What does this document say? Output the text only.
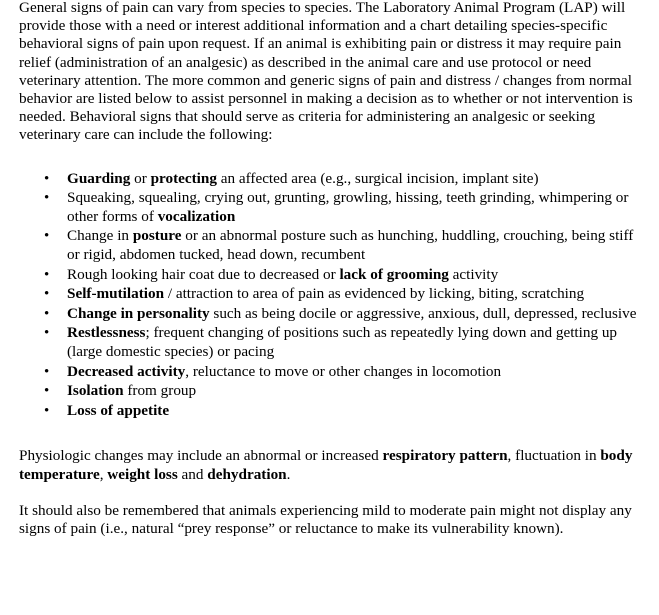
General signs of pain can vary from species to species. The Laboratory Animal Program (LAP) will provide those with a need or interest additional information and a chart detailing species-specific behavioral signs of pain upon request. If an animal is exhibiting pain or distress it may require pain relief (administration of an analgesic) as described in the animal care and use protocol or need veterinary attention. The more common and generic signs of pain and distress / changes from normal behavior are listed below to assist personnel in making a decision as to whether or not intervention is needed. Behavioral signs that should serve as criteria for administering an analgesic or seeking veterinary care can include the following:

• Guarding or protecting an affected area (e.g., surgical incision, implant site)
• Squeaking, squealing, crying out, grunting, growling, hissing, teeth grinding, whimpering or other forms of vocalization
• Change in posture or an abnormal posture such as hunching, huddling, crouching, being stiff or rigid, abdomen tucked, head down, recumbent
• Rough looking hair coat due to decreased or lack of grooming activity
• Self-mutilation / attraction to area of pain as evidenced by licking, biting, scratching
• Change in personality such as being docile or aggressive, anxious, dull, depressed, reclusive
• Restlessness; frequent changing of positions such as repeatedly lying down and getting up (large domestic species) or pacing
• Decreased activity, reluctance to move or other changes in locomotion
• Isolation from group
• Loss of appetite

Physiologic changes may include an abnormal or increased respiratory pattern, fluctuation in body temperature, weight loss and dehydration.

It should also be remembered that animals experiencing mild to moderate pain might not display any signs of pain (i.e., natural “prey response” or reluctance to make its vulnerability known).
